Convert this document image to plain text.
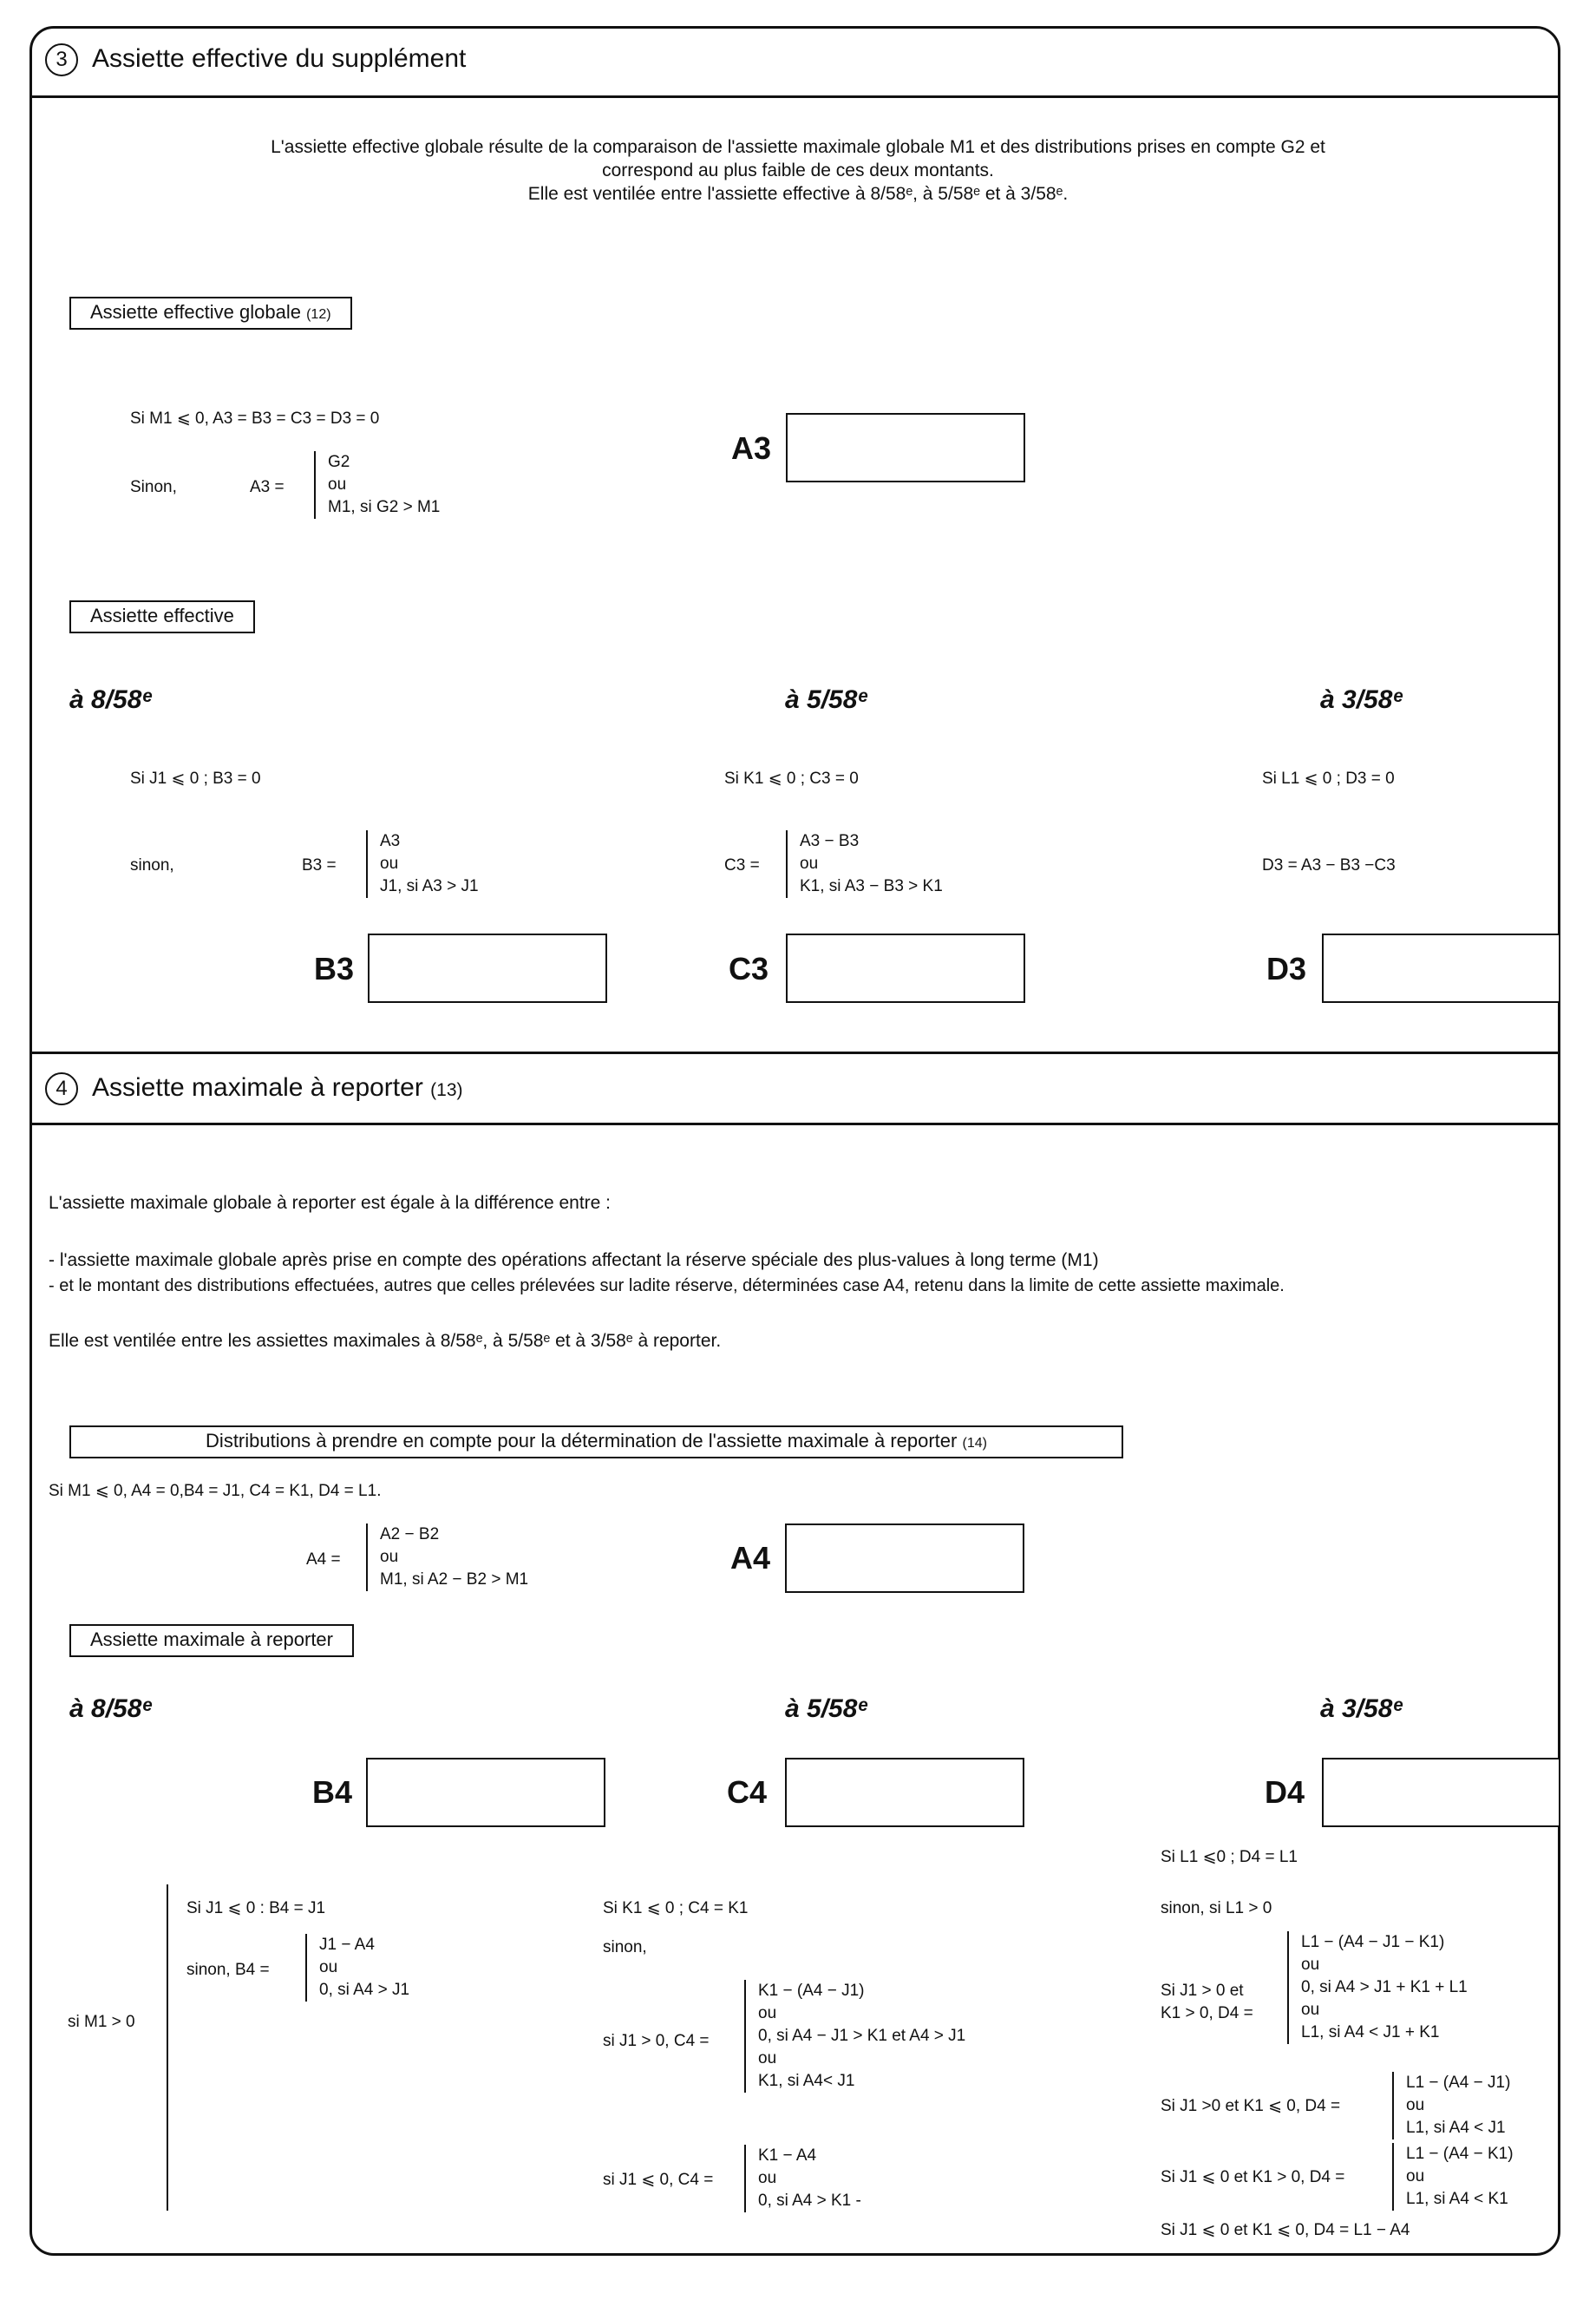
3 Assiette effective du supplément
L'assiette effective globale résulte de la comparaison de l'assiette maximale globale M1 et des distributions prises en compte G2 et
correspond au plus faible de ces deux montants.
Elle est ventilée entre l'assiette effective à 8/58ᵉ, à 5/58ᵉ et à 3/58ᵉ.
Assiette effective globale (12)
Si M1 ⩽ 0, A3 = B3 = C3 = D3 = 0
Sinon,	A3 =
G2
ou
M1, si G2 > M1
A3
Assiette effective
à 8/58ᵉ	à 5/58ᵉ	à 3/58ᵉ
Si J1 ⩽ 0 ; B3 = 0
sinon,	B3 =
A3
ou
J1, si A3 > J1
Si K1 ⩽ 0 ; C3 = 0
C3 =
A3 − B3
ou
K1, si A3 − B3 > K1
Si L1 ⩽ 0 ; D3 = 0
D3 = A3 − B3 −C3
B3	C3	D3
4 Assiette maximale à reporter (13)
L'assiette maximale globale à reporter est égale à la différence entre :
- l'assiette maximale globale après prise en compte des opérations affectant la réserve spéciale des plus-values à long terme (M1)
- et le montant des distributions effectuées, autres que celles prélevées sur ladite réserve, déterminées case A4, retenu dans la limite de cette assiette maximale.
Elle est ventilée entre les assiettes maximales à 8/58ᵉ, à 5/58ᵉ et à 3/58ᵉ à reporter.
Distributions à prendre en compte pour la détermination de l'assiette maximale à reporter (14)
Si M1 ⩽ 0, A4 = 0,B4 = J1, C4 = K1, D4 = L1.
A4 =
A2 − B2
ou
M1, si A2 − B2 > M1
A4
Assiette maximale à reporter
à 8/58ᵉ	à 5/58ᵉ	à 3/58ᵉ
B4	C4	D4
si M1 > 0
Si J1 ⩽ 0 : B4 = J1
sinon, B4 =
J1 − A4
ou
0, si A4 > J1
Si K1 ⩽ 0 ; C4 = K1
sinon,
si J1 > 0, C4 =
K1 − (A4 − J1)
ou
0, si A4 − J1 > K1 et A4 > J1
ou
K1, si A4< J1
si J1 ⩽ 0, C4 =
K1 − A4
ou
0, si A4 > K1 -
Si L1 ⩽0 ; D4 = L1
sinon, si L1 > 0
Si J1 > 0 et
K1 > 0, D4 =
L1 − (A4 − J1 − K1)
ou
0, si A4 > J1 + K1 + L1
ou
L1, si A4 < J1 + K1
Si J1 >0 et K1 ⩽ 0, D4 =
L1 − (A4 − J1)
ou
L1, si A4 < J1
Si J1 ⩽ 0 et K1 > 0, D4 =
L1 − (A4 − K1)
ou
L1, si A4 < K1
Si J1 ⩽ 0 et K1 ⩽ 0, D4 = L1 − A4
